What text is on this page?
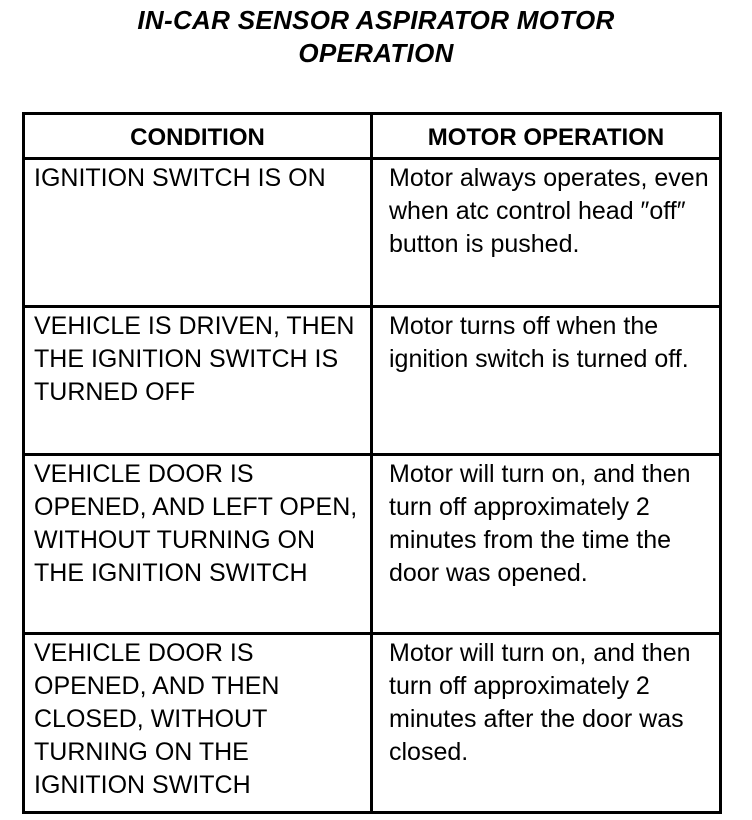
IN-CAR SENSOR ASPIRATOR MOTOR
OPERATION
CONDITION	MOTOR OPERATION

IGNITION SWITCH IS ON	Motor always operates, even when atc control head ″off″ button is pushed.

VEHICLE IS DRIVEN, THEN THE IGNITION SWITCH IS TURNED OFF	Motor turns off when the ignition switch is turned off.

VEHICLE DOOR IS OPENED, AND LEFT OPEN, WITHOUT TURNING ON THE IGNITION SWITCH	Motor will turn on, and then turn off approximately 2 minutes from the time the door was opened.

VEHICLE DOOR IS OPENED, AND THEN CLOSED, WITHOUT TURNING ON THE IGNITION SWITCH	Motor will turn on, and then turn off approximately 2 minutes after the door was closed.
